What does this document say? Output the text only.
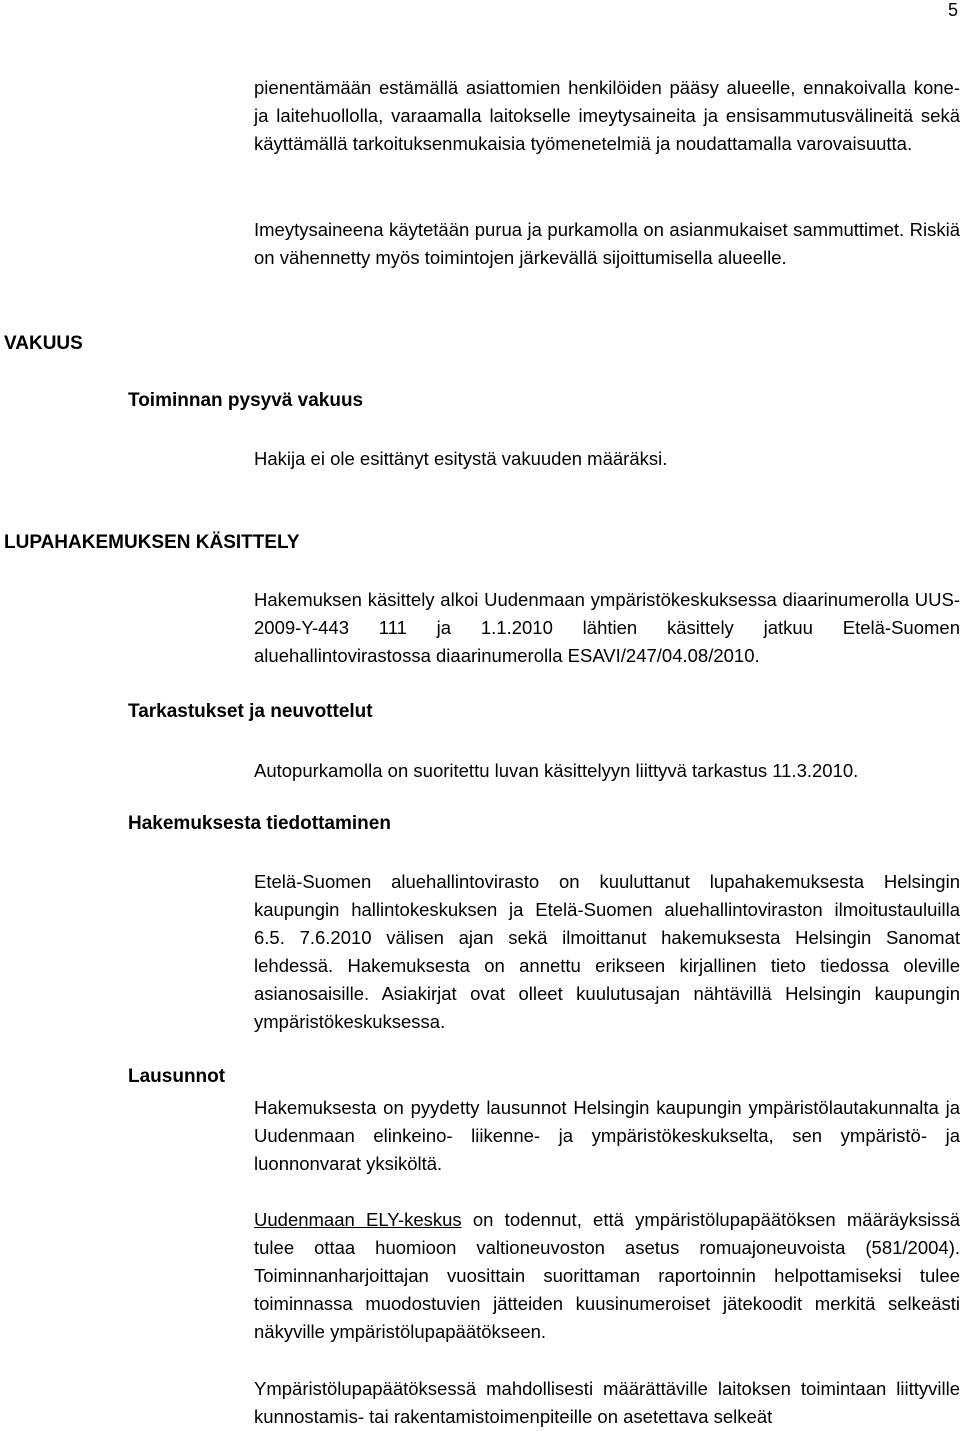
5

pienentämään estämällä asiattomien henkilöiden pääsy alueelle, ennakoivalla kone- ja laitehuollolla, varaamalla laitokselle imeytysaineita ja ensisammutusvälineitä sekä käyttämällä tarkoituksenmukaisia työmenetelmiä ja noudattamalla varovaisuutta.

Imeytysaineena käytetään purua ja purkamolla on asianmukaiset sammuttimet. Riskiä on vähennetty myös toimintojen järkevällä sijoittumisella alueelle.

VAKUUS
Toiminnan pysyvä vakuus

Hakija ei ole esittänyt esitystä vakuuden määräksi.

LUPAHAKEMUKSEN KÄSITTELY

Hakemuksen käsittely alkoi Uudenmaan ympäristökeskuksessa diaarinumerolla UUS-2009-Y-443 111 ja 1.1.2010 lähtien käsittely jatkuu Etelä-Suomen aluehallintovirastossa diaarinumerolla ESAVI/247/04.08/2010.

Tarkastukset ja neuvottelut

Autopurkamolla on suoritettu luvan käsittelyyn liittyvä tarkastus 11.3.2010.

Hakemuksesta tiedottaminen

Etelä-Suomen aluehallintovirasto on kuuluttanut lupahakemuksesta Helsingin kaupungin hallintokeskuksen ja Etelä-Suomen aluehallintoviraston ilmoitustauluilla 6.5. 7.6.2010 välisen ajan sekä ilmoittanut hakemuksesta Helsingin Sanomat lehdessä. Hakemuksesta on annettu erikseen kirjallinen tieto tiedossa oleville asianosaisille. Asiakirjat ovat olleet kuulutusajan nähtävillä Helsingin kaupungin ympäristökeskuksessa.

Lausunnot

Hakemuksesta on pyydetty lausunnot Helsingin kaupungin ympäristölautakunnalta ja Uudenmaan elinkeino- liikenne- ja ympäristökeskukselta, sen ympäristö- ja luonnonvarat yksiköltä.

Uudenmaan ELY-keskus on todennut, että ympäristölupapäätöksen määräyksissä tulee ottaa huomioon valtioneuvoston asetus romuajoneuvoista (581/2004). Toiminnanharjoittajan vuosittain suorittaman raportoinnin helpottamiseksi tulee toiminnassa muodostuvien jätteiden kuusinumeroiset jätekoodit merkitä selkeästi näkyville ympäristölupapäätökseen.

Ympäristölupapäätöksessä mahdollisesti määrättäville laitoksen toimintaan liittyville kunnostamis- tai rakentamistoimenpiteille on asetettava selkeät
